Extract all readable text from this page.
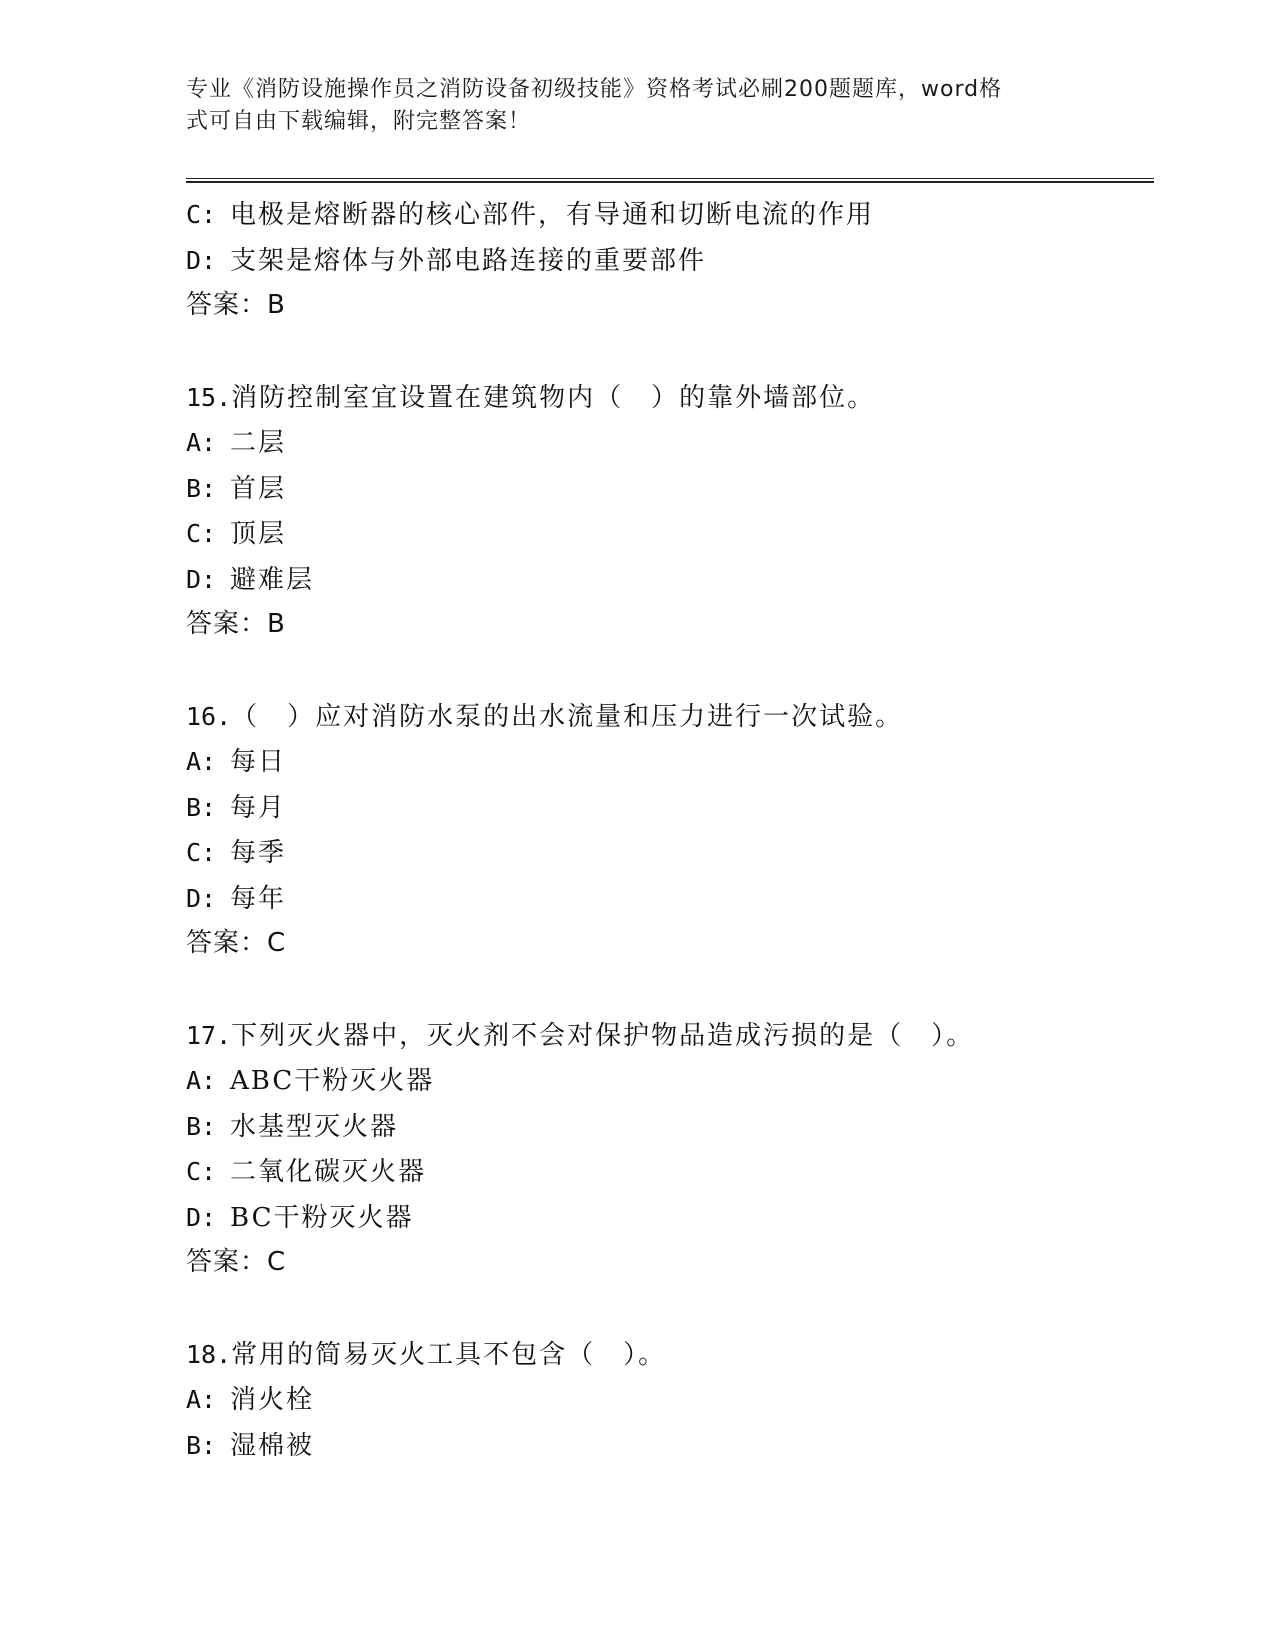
专业《消防设施操作员之消防设备初级技能》资格考试必刷200题题库，word格
式可自由下载编辑，附完整答案！
C: 电极是熔断器的核心部件，有导通和切断电流的作用
D: 支架是熔体与外部电路连接的重要部件
答案：B
15.消防控制室宜设置在建筑物内（　）的靠外墙部位。
A: 二层
B: 首层
C: 顶层
D: 避难层
答案：B
16.（　）应对消防水泵的出水流量和压力进行一次试验。
A: 每日
B: 每月
C: 每季
D: 每年
答案：C
17.下列灭火器中，灭火剂不会对保护物品造成污损的是（　）。
A: ABC干粉灭火器
B: 水基型灭火器
C: 二氧化碳灭火器
D: BC干粉灭火器
答案：C
18.常用的简易灭火工具不包含（　）。
A: 消火栓
B: 湿棉被
